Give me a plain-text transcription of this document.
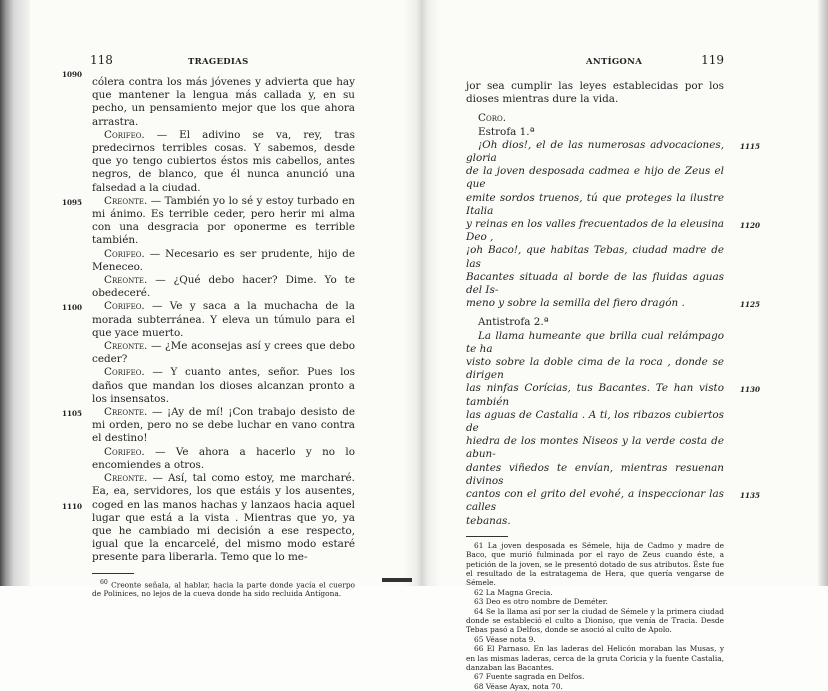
118	TRAGEDIAS

1090
cólera contra los más jóvenes y advierta que hay que mantener la lengua más callada y, en su pecho, un pensamiento mejor que los que ahora arrastra.

Corifeo. — El adivino se va, rey, tras predecirnos terribles cosas. Y sabemos, desde que yo tengo cubiertos éstos mis cabellos, antes negros, de blanco, que él nunca anunció una falsedad a la ciudad.

1095 Creonte. — También yo lo sé y estoy turbado en mi ánimo. Es terrible ceder, pero herir mi alma con una desgracia por oponerme es terrible también.

Corifeo. — Necesario es ser prudente, hijo de Meneceo.

Creonte. — ¿Qué debo hacer? Dime. Yo te obedeceré.

1100 Corifeo. — Ve y saca a la muchacha de la morada subterránea. Y eleva un túmulo para el que yace muerto.

Creonte. — ¿Me aconsejas así y crees que debo ceder?

Corifeo. — Y cuanto antes, señor. Pues los daños que mandan los dioses alcanzan pronto a los insensatos.

1105 Creonte. — ¡Ay de mí! ¡Con trabajo desisto de mi orden, pero no se debe luchar en vano contra el destino!

Corifeo. — Ve ahora a hacerlo y no lo encomiendes a otros.

1110
Creonte. — Así, tal como estoy, me marcharé. Ea, ea, servidores, los que estáis y los ausentes, coged en las manos hachas y lanzaos hacia aquel lugar que está a la vista . Mientras que yo, ya que he cambiado mi decisión a ese respecto, igual que la encarcelé, del mismo modo estaré presente para liberarla. Temo que lo me-

$^{60}$ Creonte señala, al hablar, hacia la parte donde yacía el cuerpo de Polinices, no lejos de la cueva donde ha sido recluida Antígona.

ANTÍGONA	119

jor sea cumplir las leyes establecidas por los dioses mientras dure la vida.

Coro.

Estrofa 1.ª

¡Oh dios!, el de las numerosas advocaciones, gloria
1115
de la joven desposada cadmea e hijo de Zeus el que
emite sordos truenos, tú que proteges la ilustre Italia
y reinas en los valles frecuentados de la eleusina Deo ,
1120
¡oh Baco!, que habitas Tebas, ciudad madre de las
Bacantes situada al borde de las fluidas aguas del Is-
meno y sobre la semilla del fiero dragón .	1125

Antistrofa 2.ª

La llama humeante que brilla cual relámpago te ha
visto sobre la doble cima de la roca , donde se dirigen
las ninfas Corícias, tus Bacantes. Te han visto también
1130
las aguas de Castalia . A ti, los ribazos cubiertos de
hiedra de los montes Niseos y la verde costa de abun-
dantes viñedos te envían, mientras resuenan divinos
cantos con el grito del evohé, a inspeccionar las calles
1135
tebanas.

61 La joven desposada es Sémele, hija de Cadmo y madre de Baco, que murió fulminada por el rayo de Zeus cuando éste, a petición de la joven, se le presentó dotado de sus atributos. Éste fue el resultado de la estratagema de Hera, que quería vengarse de Sémele.

62 La Magna Grecia.

63 Deo es otro nombre de Deméter.

64 Se la llama así por ser la ciudad de Sémele y la primera ciudad donde se estableció el culto a Dioniso, que venía de Tracia. Desde Tebas pasó a Delfos, donde se asoció al culto de Apolo.

65 Véase nota 9.

66 El Parnaso. En las laderas del Helicón moraban las Musas, y en las mismas laderas, cerca de la gruta Coricia y la fuente Castalia, danzaban las Bacantes.

67 Fuente sagrada en Delfos.

68 Véase Ayax, nota 70.
